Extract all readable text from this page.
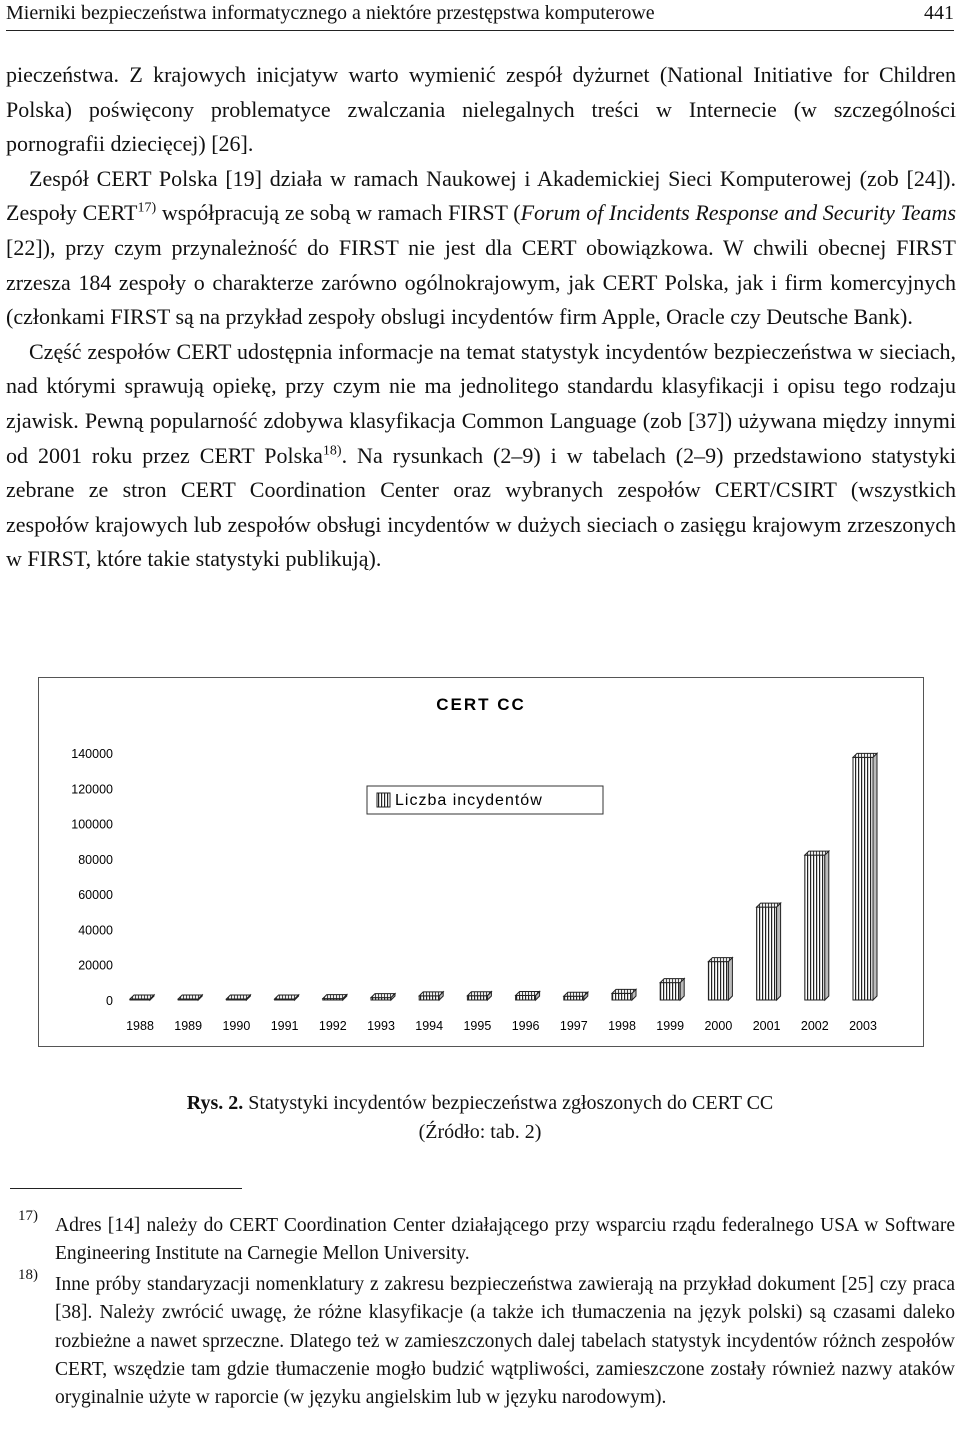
Mierniki bezpieczeństwa informatycznego a niektóre przestępstwa komputerowe	441

pieczeństwa. Z krajowych inicjatyw warto wymienić zespół dyżurnet (National Initiative for Children Polska) poświęcony problematyce zwalczania nielegalnych treści w Internecie (w szczególności pornografii dziecięcej) [26].

Zespół CERT Polska [19] działa w ramach Naukowej i Akademickiej Sieci Komputerowej (zob [24]). Zespoły CERT$^{17)}$ współpracują ze sobą w ramach FIRST (Forum of Incidents Response and Security Teams [22]), przy czym przynależność do FIRST nie jest dla CERT obowiązkowa. W chwili obecnej FIRST zrzesza 184 zespoły o charakterze zarówno ogólnokrajowym, jak CERT Polska, jak i firm komercyjnych (członkami FIRST są na przykład zespoły obslugi incydentów firm Apple, Oracle czy Deutsche Bank).

Część zespołów CERT udostępnia informacje na temat statystyk incydentów bezpieczeństwa w sieciach, nad którymi sprawują opiekę, przy czym nie ma jednolitego standardu klasyfikacji i opisu tego rodzaju zjawisk. Pewną popularność zdobywa klasyfikacja Common Language (zob [37]) używana między innymi od 2001 roku przez CERT Polska$^{18)}$. Na rysunkach (2–9) i w tabelach (2–9) przedstawiono statystyki zebrane ze stron CERT Coordination Center oraz wybranych zespołów CERT/CSIRT (wszystkich zespołów krajowych lub zespołów obsługi incydentów w dużych sieciach o zasięgu krajowym zrzeszonych w FIRST, które takie statystyki publikują).

CERT CC
Liczba incydentów
0
20000
40000
60000
80000
100000
120000
140000
1988 1989 1990 1991 1992 1993 1994 1995 1996 1997 1998 1999 2000 2001 2002 2003
Rys. 2. Statystyki incydentów bezpieczeństwa zgłoszonych do CERT CC
(Źródło: tab. 2)
17) Adres [14] należy do CERT Coordination Center działającego przy wsparciu rządu federalnego USA w Software Engineering Institute na Carnegie Mellon University.
18) Inne próby standaryzacji nomenklatury z zakresu bezpieczeństwa zawierają na przykład dokument [25] czy praca [38]. Należy zwrócić uwagę, że różne klasyfikacje (a także ich tłumaczenia na język polski) są czasami daleko rozbieżne a nawet sprzeczne. Dlatego też w zamieszczonych dalej tabelach statystyk incydentów różnch zespołów CERT, wszędzie tam gdzie tłumaczenie mogło budzić wątpliwości, zamieszczone zostały również nazwy ataków oryginalnie użyte w raporcie (w języku angielskim lub w języku narodowym).
